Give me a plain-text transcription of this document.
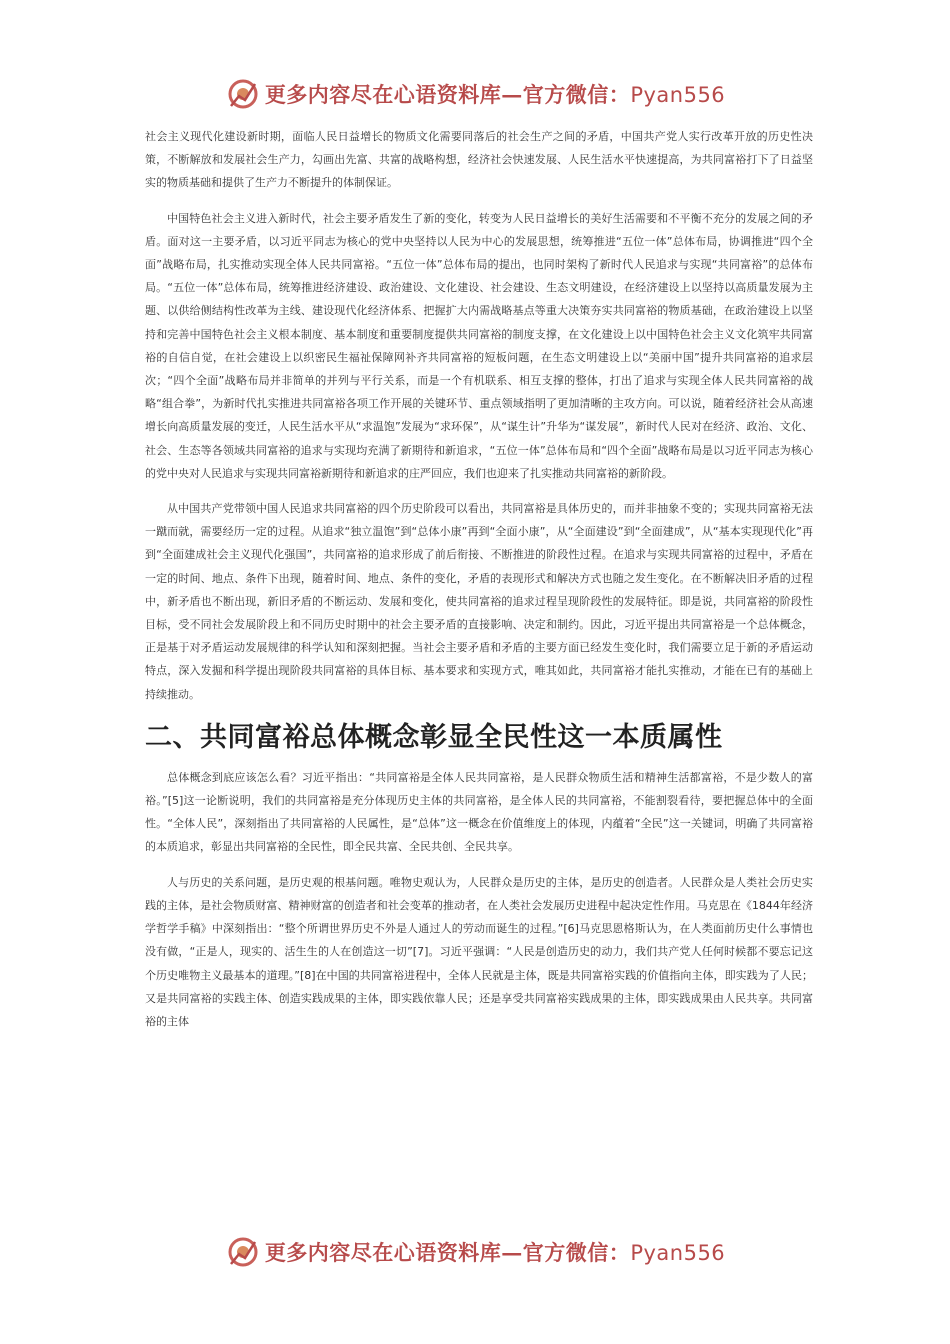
更多内容尽在心语资料库—官方微信：Pyan556

社会主义现代化建设新时期，面临人民日益增长的物质文化需要同落后的社会生产之间的矛盾，中国共产党人实行改革开放的历史性决策，不断解放和发展社会生产力，勾画出先富、共富的战略构想，经济社会快速发展、人民生活水平快速提高，为共同富裕打下了日益坚实的物质基础和提供了生产力不断提升的体制保证。

中国特色社会主义进入新时代，社会主要矛盾发生了新的变化，转变为人民日益增长的美好生活需要和不平衡不充分的发展之间的矛盾。面对这一主要矛盾，以习近平同志为核心的党中央坚持以人民为中心的发展思想，统筹推进“五位一体”总体布局，协调推进“四个全面”战略布局，扎实推动实现全体人民共同富裕。“五位一体”总体布局的提出，也同时架构了新时代人民追求与实现“共同富裕”的总体布局。“五位一体”总体布局，统筹推进经济建设、政治建设、文化建设、社会建设、生态文明建设，在经济建设上以坚持以高质量发展为主题、以供给侧结构性改革为主线、建设现代化经济体系、把握扩大内需战略基点等重大决策夯实共同富裕的物质基础，在政治建设上以坚持和完善中国特色社会主义根本制度、基本制度和重要制度提供共同富裕的制度支撑，在文化建设上以中国特色社会主义文化筑牢共同富裕的自信自觉，在社会建设上以织密民生福祉保障网补齐共同富裕的短板问题，在生态文明建设上以“美丽中国”提升共同富裕的追求层次；“四个全面”战略布局并非简单的并列与平行关系，而是一个有机联系、相互支撑的整体，打出了追求与实现全体人民共同富裕的战略“组合拳”，为新时代扎实推进共同富裕各项工作开展的关键环节、重点领域指明了更加清晰的主攻方向。可以说，随着经济社会从高速增长向高质量发展的变迁，人民生活水平从“求温饱”发展为“求环保”，从“谋生计”升华为“谋发展”，新时代人民对在经济、政治、文化、社会、生态等各领域共同富裕的追求与实现均充满了新期待和新追求，“五位一体”总体布局和“四个全面”战略布局是以习近平同志为核心的党中央对人民追求与实现共同富裕新期待和新追求的庄严回应，我们也迎来了扎实推动共同富裕的新阶段。

从中国共产党带领中国人民追求共同富裕的四个历史阶段可以看出，共同富裕是具体历史的，而并非抽象不变的；实现共同富裕无法一蹴而就，需要经历一定的过程。从追求“独立温饱”到“总体小康”再到“全面小康”，从“全面建设”到“全面建成”，从“基本实现现代化”再到“全面建成社会主义现代化强国”，共同富裕的追求形成了前后衔接、不断推进的阶段性过程。在追求与实现共同富裕的过程中，矛盾在一定的时间、地点、条件下出现，随着时间、地点、条件的变化，矛盾的表现形式和解决方式也随之发生变化。在不断解决旧矛盾的过程中，新矛盾也不断出现，新旧矛盾的不断运动、发展和变化，使共同富裕的追求过程呈现阶段性的发展特征。即是说，共同富裕的阶段性目标，受不同社会发展阶段上和不同历史时期中的社会主要矛盾的直接影响、决定和制约。因此，习近平提出共同富裕是一个总体概念，正是基于对矛盾运动发展规律的科学认知和深刻把握。当社会主要矛盾和矛盾的主要方面已经发生变化时，我们需要立足于新的矛盾运动特点，深入发掘和科学提出现阶段共同富裕的具体目标、基本要求和实现方式，唯其如此，共同富裕才能扎实推动，才能在已有的基础上持续推动。

二、共同富裕总体概念彰显全民性这一本质属性

总体概念到底应该怎么看？习近平指出：“共同富裕是全体人民共同富裕，是人民群众物质生活和精神生活都富裕，不是少数人的富裕。”[5]这一论断说明，我们的共同富裕是充分体现历史主体的共同富裕，是全体人民的共同富裕，不能割裂看待，要把握总体中的全面性。“全体人民”，深刻指出了共同富裕的人民属性，是“总体”这一概念在价值维度上的体现，内蕴着“全民”这一关键词，明确了共同富裕的本质追求，彰显出共同富裕的全民性，即全民共富、全民共创、全民共享。

人与历史的关系问题，是历史观的根基问题。唯物史观认为，人民群众是历史的主体，是历史的创造者。人民群众是人类社会历史实践的主体，是社会物质财富、精神财富的创造者和社会变革的推动者，在人类社会发展历史进程中起决定性作用。马克思在《1844年经济学哲学手稿》中深刻指出：“整个所谓世界历史不外是人通过人的劳动而诞生的过程。”[6]马克思恩格斯认为，在人类面前历史什么事情也没有做，“正是人，现实的、活生生的人在创造这一切”[7]。习近平强调：“人民是创造历史的动力，我们共产党人任何时候都不要忘记这个历史唯物主义最基本的道理。”[8]在中国的共同富裕进程中，全体人民就是主体，既是共同富裕实践的价值指向主体，即实践为了人民；又是共同富裕的实践主体、创造实践成果的主体，即实践依靠人民；还是享受共同富裕实践成果的主体，即实践成果由人民共享。共同富裕的主体

更多内容尽在心语资料库—官方微信：Pyan556
